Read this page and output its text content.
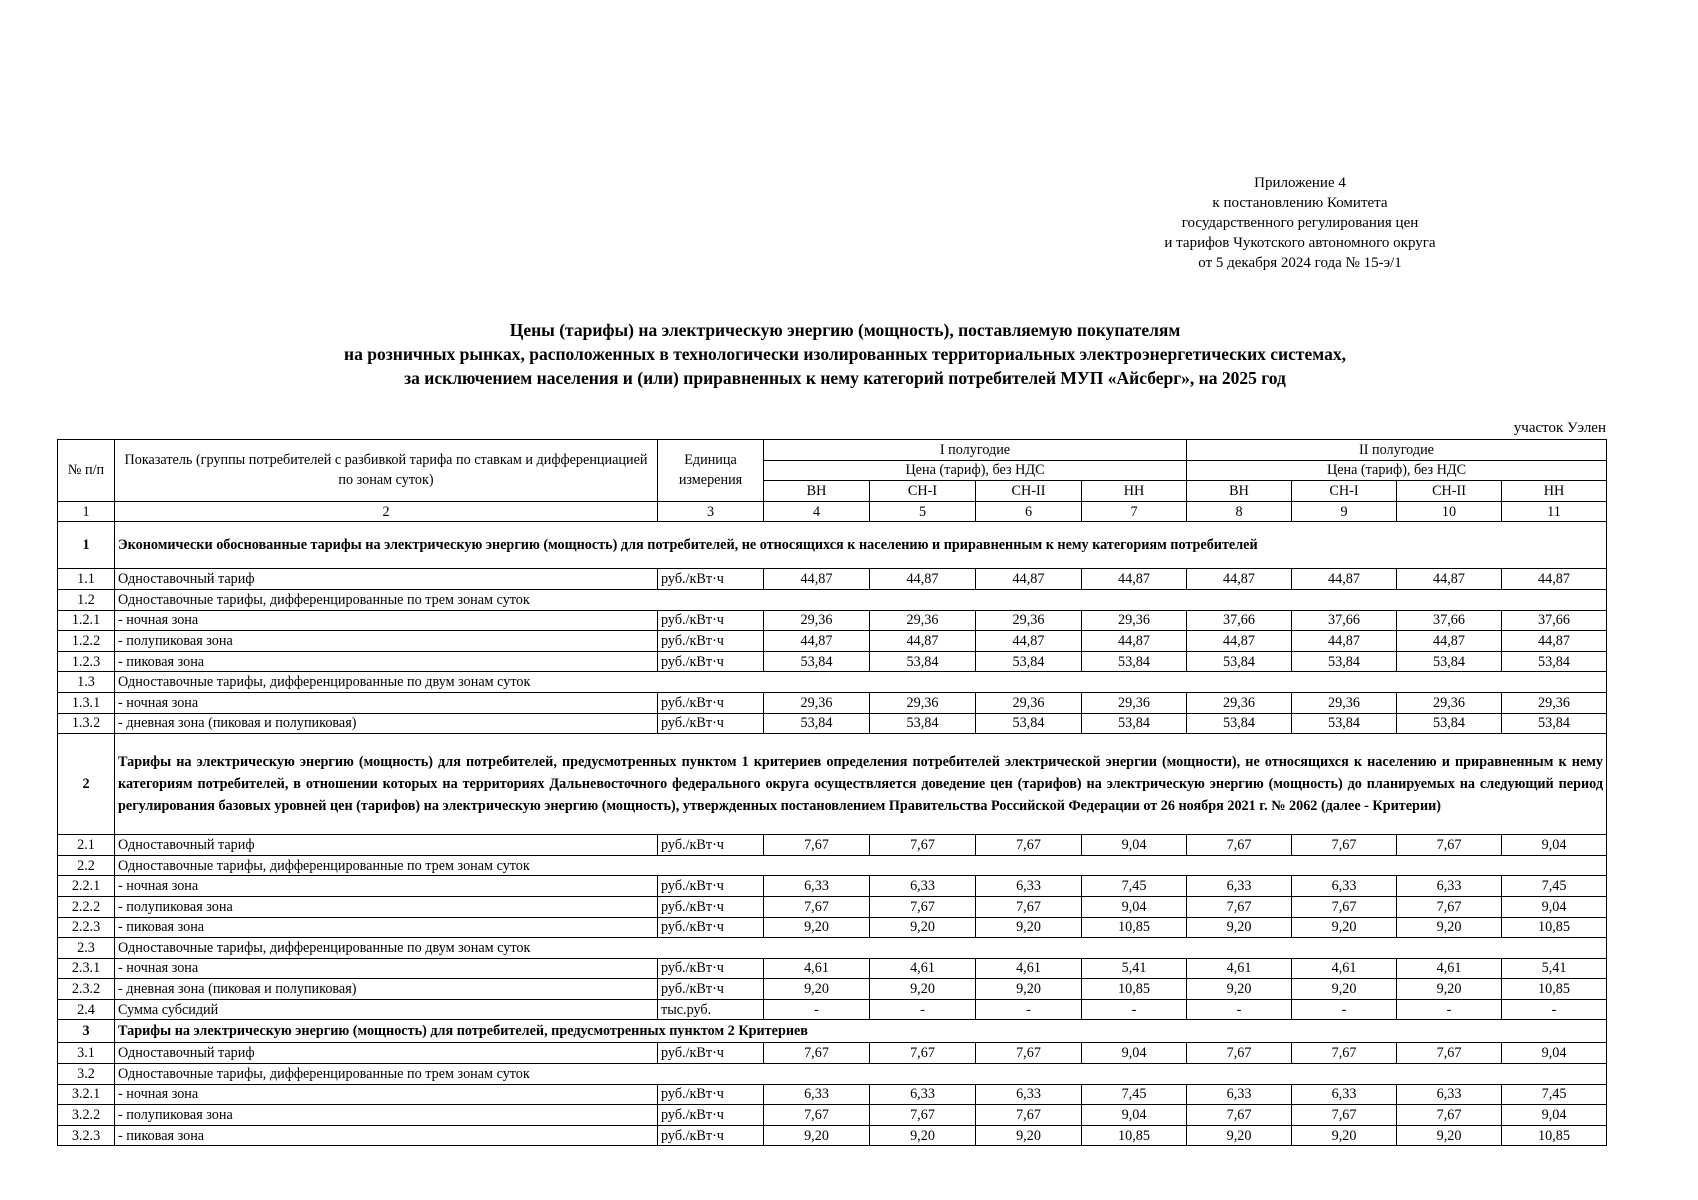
Приложение 4
к постановлению Комитета
государственного регулирования цен
и тарифов Чукотского автономного округа
от 5 декабря 2024 года № 15-э/1
Цены (тарифы) на электрическую энергию (мощность), поставляемую покупателям
на розничных рынках, расположенных в технологически изолированных территориальных электроэнергетических системах,
за исключением населения и (или) приравненных к нему категорий потребителей МУП «Айсберг», на 2025 год
участок Уэлен
№ п/п	Показатель (группы потребителей с разбивкой тарифа по ставкам и дифференциацией по зонам суток)	Единица измерения	I полугодие				II полугодие			
			Цена (тариф), без НДС				Цена (тариф), без НДС			
			ВН	СН-I	СН-II	НН	ВН	СН-I	СН-II	НН
1	2	3	4	5	6	7	8	9	10	11
1	Экономически обоснованные тарифы на электрическую энергию (мощность) для потребителей, не относящихся к населению и приравненным к нему категориям потребителей									
1.1	Одноставочный тариф	руб./кВт·ч	44,87	44,87	44,87	44,87	44,87	44,87	44,87	44,87
1.2	Одноставочные тарифы, дифференцированные по трем зонам суток									
1.2.1	- ночная зона	руб./кВт·ч	29,36	29,36	29,36	29,36	37,66	37,66	37,66	37,66
1.2.2	- полупиковая зона	руб./кВт·ч	44,87	44,87	44,87	44,87	44,87	44,87	44,87	44,87
1.2.3	- пиковая зона	руб./кВт·ч	53,84	53,84	53,84	53,84	53,84	53,84	53,84	53,84
1.3	Одноставочные тарифы, дифференцированные по двум зонам суток									
1.3.1	- ночная зона	руб./кВт·ч	29,36	29,36	29,36	29,36	29,36	29,36	29,36	29,36
1.3.2	- дневная зона (пиковая и полупиковая)	руб./кВт·ч	53,84	53,84	53,84	53,84	53,84	53,84	53,84	53,84
2	Тарифы на электрическую энергию (мощность) для потребителей, предусмотренных пунктом 1 критериев определения потребителей электрической энергии (мощности), не относящихся к населению и приравненным к нему категориям потребителей, в отношении которых на территориях Дальневосточного федерального округа осуществляется доведение цен (тарифов) на электрическую энергию (мощность) до планируемых на следующий период регулирования базовых уровней цен (тарифов) на электрическую энергию (мощность), утвержденных постановлением Правительства Российской Федерации от 26 ноября 2021 г. № 2062 (далее - Критерии)									
2.1	Одноставочный тариф	руб./кВт·ч	7,67	7,67	7,67	9,04	7,67	7,67	7,67	9,04
2.2	Одноставочные тарифы, дифференцированные по трем зонам суток									
2.2.1	- ночная зона	руб./кВт·ч	6,33	6,33	6,33	7,45	6,33	6,33	6,33	7,45
2.2.2	- полупиковая зона	руб./кВт·ч	7,67	7,67	7,67	9,04	7,67	7,67	7,67	9,04
2.2.3	- пиковая зона	руб./кВт·ч	9,20	9,20	9,20	10,85	9,20	9,20	9,20	10,85
2.3	Одноставочные тарифы, дифференцированные по двум зонам суток									
2.3.1	- ночная зона	руб./кВт·ч	4,61	4,61	4,61	5,41	4,61	4,61	4,61	5,41
2.3.2	- дневная зона (пиковая и полупиковая)	руб./кВт·ч	9,20	9,20	9,20	10,85	9,20	9,20	9,20	10,85
2.4	Сумма субсидий	тыс.руб.	-	-	-	-	-	-	-	-
3	Тарифы на электрическую энергию (мощность) для потребителей, предусмотренных пунктом 2 Критериев									
3.1	Одноставочный тариф	руб./кВт·ч	7,67	7,67	7,67	9,04	7,67	7,67	7,67	9,04
3.2	Одноставочные тарифы, дифференцированные по трем зонам суток									
3.2.1	- ночная зона	руб./кВт·ч	6,33	6,33	6,33	7,45	6,33	6,33	6,33	7,45
3.2.2	- полупиковая зона	руб./кВт·ч	7,67	7,67	7,67	9,04	7,67	7,67	7,67	9,04
3.2.3	- пиковая зона	руб./кВт·ч	9,20	9,20	9,20	10,85	9,20	9,20	9,20	10,85
